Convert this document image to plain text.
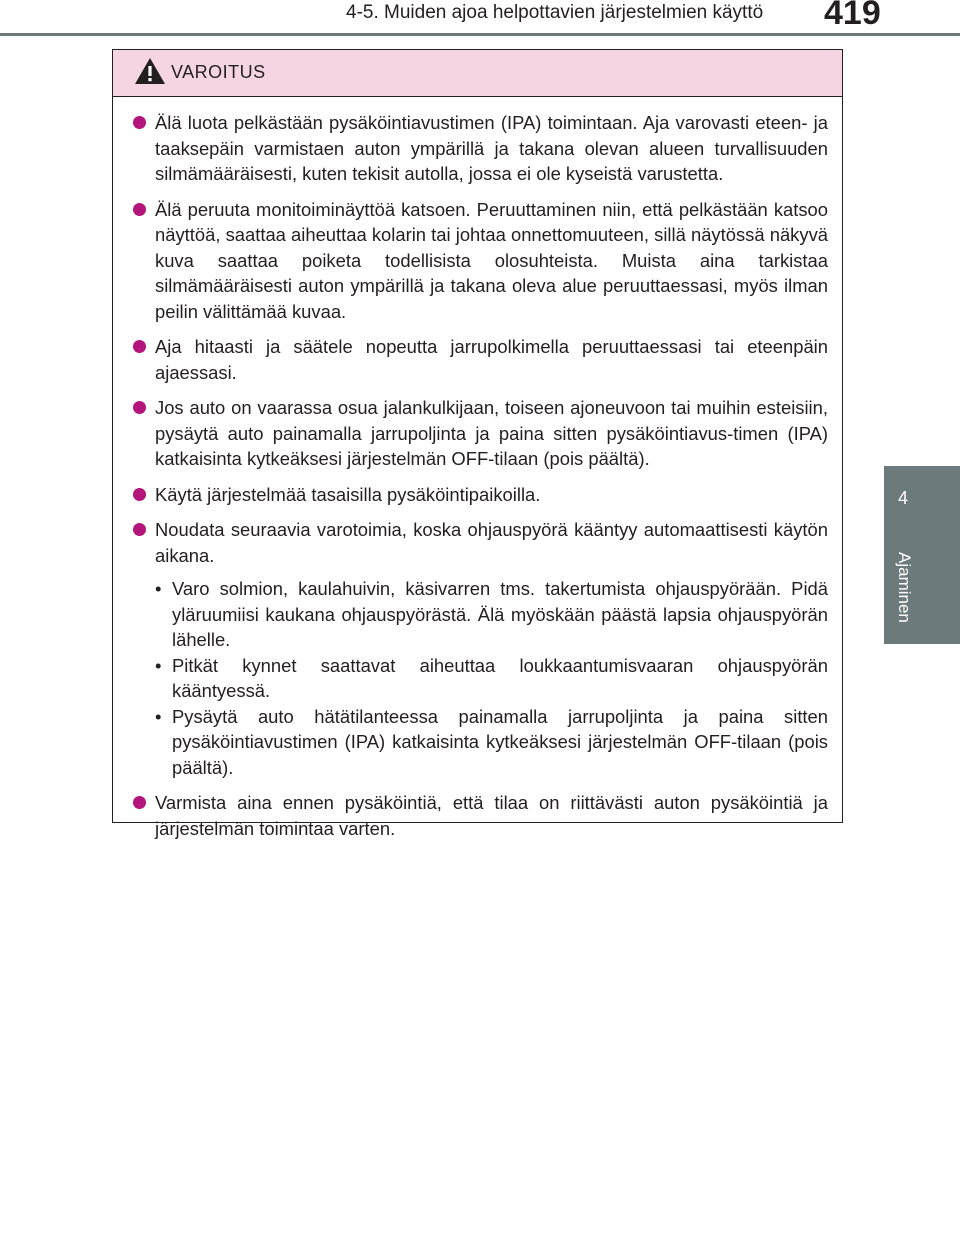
4-5. Muiden ajoa helpottavien järjestelmien käyttö 419
4
Ajaminen
VAROITUS
Älä luota pelkästään pysäköintiavustimen (IPA) toimintaan. Aja varovasti eteen- ja taaksepäin varmistaen auton ympärillä ja takana olevan alueen turvallisuuden silmämääräisesti, kuten tekisit autolla, jossa ei ole kyseistä varustetta.
Älä peruuta monitoiminäyttöä katsoen. Peruuttaminen niin, että pelkästään katsoo näyttöä, saattaa aiheuttaa kolarin tai johtaa onnettomuuteen, sillä näytössä näkyvä kuva saattaa poiketa todellisista olosuhteista. Muista aina tarkistaa silmämääräisesti auton ympärillä ja takana oleva alue peruuttaessasi, myös ilman peilin välittämää kuvaa.
Aja hitaasti ja säätele nopeutta jarrupolkimella peruuttaessasi tai eteenpäin ajaessasi.
Jos auto on vaarassa osua jalankulkijaan, toiseen ajoneuvoon tai muihin esteisiin, pysäytä auto painamalla jarrupoljinta ja paina sitten pysäköintiavus-timen (IPA) katkaisinta kytkeäksesi järjestelmän OFF-tilaan (pois päältä).
Käytä järjestelmää tasaisilla pysäköintipaikoilla.
Noudata seuraavia varotoimia, koska ohjauspyörä kääntyy automaattisesti käytön aikana.
• Varo solmion, kaulahuivin, käsivarren tms. takertumista ohjauspyörään. Pidä yläruumiisi kaukana ohjauspyörästä. Älä myöskään päästä lapsia ohjauspyörän lähelle.
• Pitkät kynnet saattavat aiheuttaa loukkaantumisvaaran ohjauspyörän kääntyessä.
• Pysäytä auto hätätilanteessa painamalla jarrupoljinta ja paina sitten pysäköintiavustimen (IPA) katkaisinta kytkeäksesi järjestelmän OFF-tilaan (pois päältä).
Varmista aina ennen pysäköintiä, että tilaa on riittävästi auton pysäköintiä ja järjestelmän toimintaa varten.
